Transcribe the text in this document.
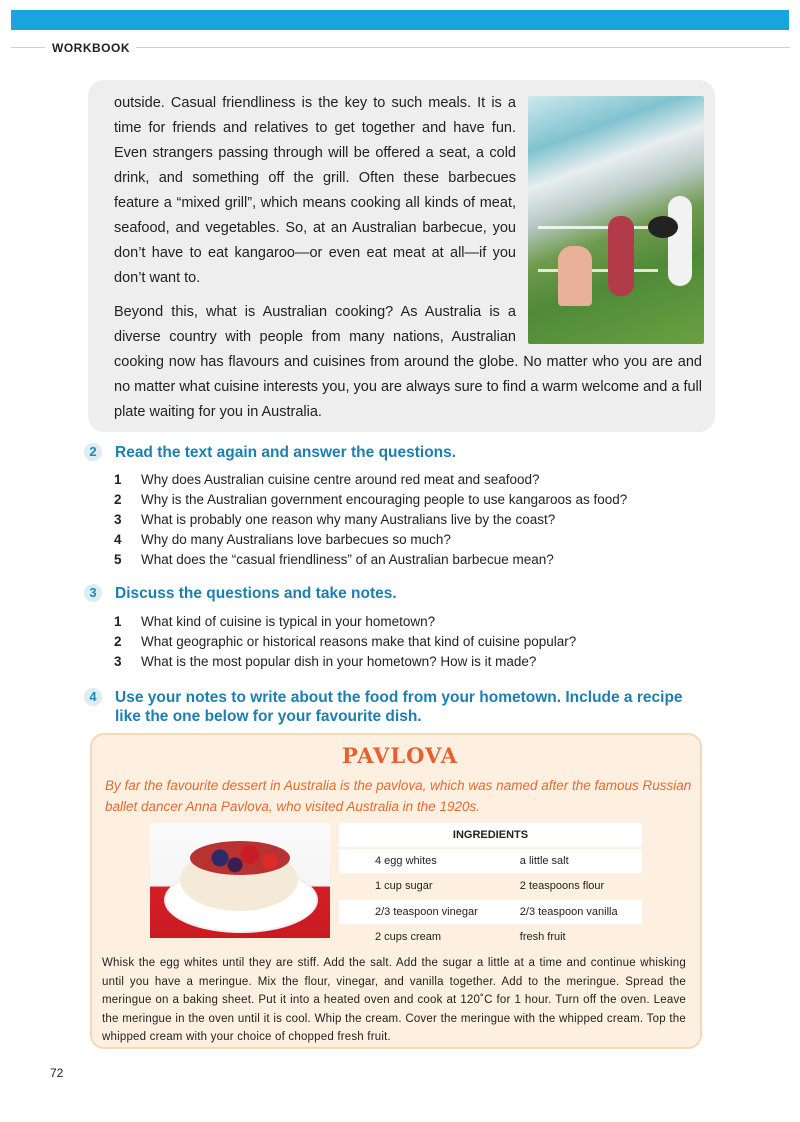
WORKBOOK

outside. Casual friendliness is the key to such meals. It is a time for friends and relatives to get together and have fun. Even strangers passing through will be offered a seat, a cold drink, and something off the grill. Often these barbecues feature a “mixed grill”, which means cooking all kinds of meat, seafood, and vegetables. So, at an Australian barbecue, you don’t have to eat kangaroo—or even eat meat at all—if you don’t want to.

Beyond this, what is Australian cooking? As Australia is a diverse country with people from many nations, Australian cooking now has flavours and cuisines from around the globe. No matter who you are and no matter what cuisine interests you, you are always sure to find a warm welcome and a full plate waiting for you in Australia.

2	Read the text again and answer the questions.
1	Why does Australian cuisine centre around red meat and seafood?
2	Why is the Australian government encouraging people to use kangaroos as food?
3	What is probably one reason why many Australians live by the coast?
4	Why do many Australians love barbecues so much?
5	What does the “casual friendliness” of an Australian barbecue mean?
3	Discuss the questions and take notes.
1	What kind of cuisine is typical in your hometown?
2	What geographic or historical reasons make that kind of cuisine popular?
3	What is the most popular dish in your hometown? How is it made?
4	Use your notes to write about the food from your hometown. Include a recipe like the one below for your favourite dish.
PAVLOVA
By far the favourite dessert in Australia is the pavlova, which was named after the famous Russian ballet dancer Anna Pavlova, who visited Australia in the 1920s.
INGREDIENTS	
4 egg whites	a little salt
1 cup sugar	2 teaspoons flour
2/3 teaspoon vinegar	2/3 teaspoon vanilla
2 cups cream	fresh fruit
Whisk the egg whites until they are stiff. Add the salt. Add the sugar a little at a time and continue whisking until you have a meringue. Mix the flour, vinegar, and vanilla together. Add to the meringue. Spread the meringue on a baking sheet. Put it into a heated oven and cook at 120˚C for 1 hour. Turn off the oven. Leave the meringue in the oven until it is cool. Whip the cream. Cover the meringue with the whipped cream. Top the whipped cream with your choice of chopped fresh fruit.
72
